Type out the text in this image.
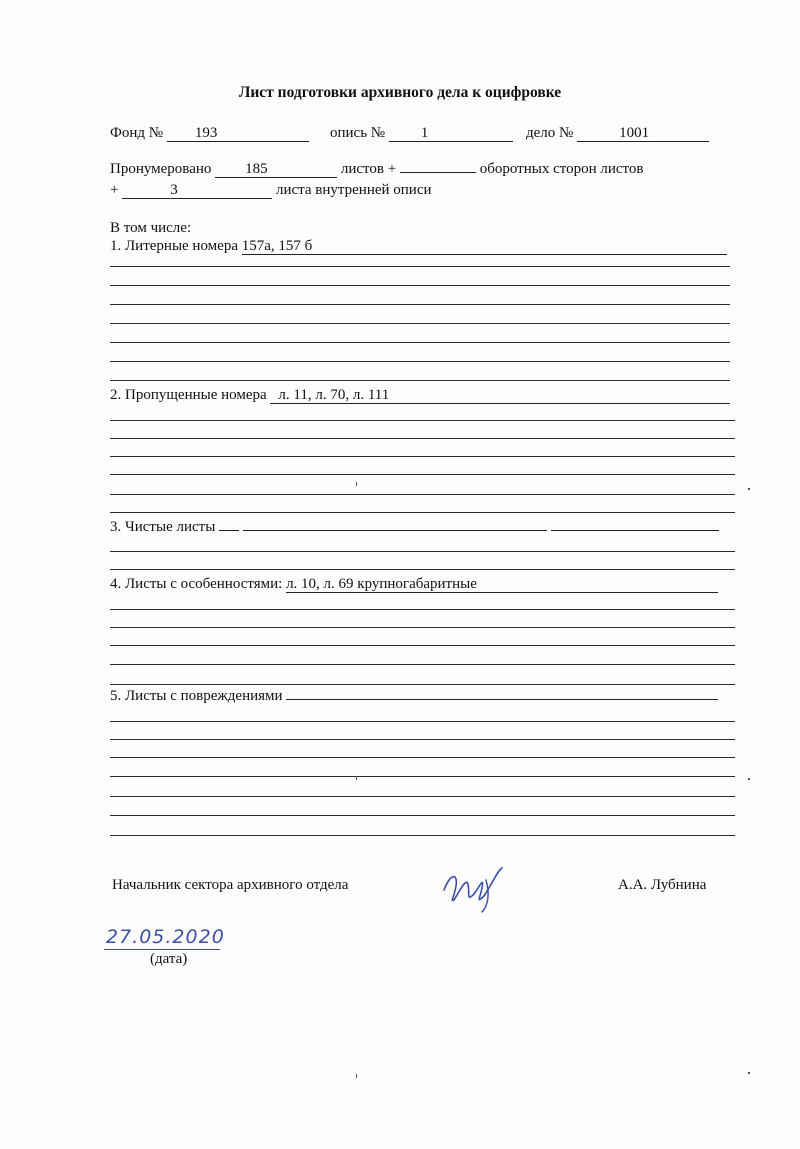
Лист подготовки архивного дела к оцифровке
Фонд № 193	опись № 1	дело №	1001
Пронумеровано 185	листов +	оборотных сторон листов
+	3	листа внутренней описи
В том числе:
1. Литерные номера 157а, 157 б
2. Пропущенные номера л. 11, л. 70, л. 111
3. Чистые листы
4. Листы с особенностями: л. 10, л. 69 крупногабаритные
5. Листы с повреждениями
Начальник сектора архивного отдела	А.А. Лубнина
27.05.2020
(дата)
